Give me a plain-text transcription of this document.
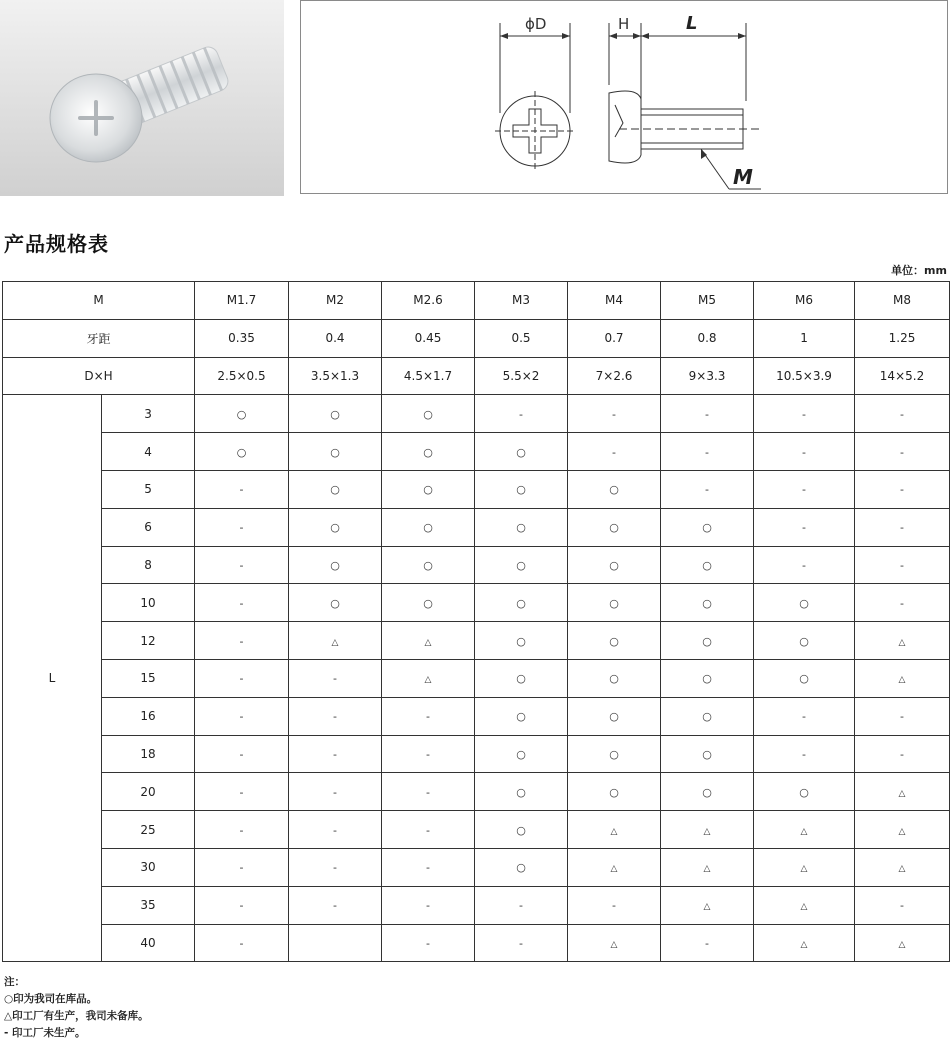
ϕD	H	L
M
产品规格表
单位：mm
M		M1.7	M2	M2.6	M3	M4	M5	M6	M8
牙距		0.35	0.4	0.45	0.5	0.7	0.8	1	1.25
D×H		2.5×0.5	3.5×1.3	4.5×1.7	5.5×2	7×2.6	9×3.3	10.5×3.9	14×5.2
L	3	○	○	○	-	-	-	-	-
	4	○	○	○	○	-	-	-	-
	5	-	○	○	○	○	-	-	-
	6	-	○	○	○	○	○	-	-
	8	-	○	○	○	○	○	-	-
	10	-	○	○	○	○	○	○	-
	12	-	△	△	○	○	○	○	△
	15	-	-	△	○	○	○	○	△
	16	-	-	-	○	○	○	-	-
	18	-	-	-	○	○	○	-	-
	20	-	-	-	○	○	○	○	△
	25	-	-	-	○	△	△	△	△
	30	-	-	-	○	△	△	△	△
	35	-	-	-	-	-	△	△	-
	40	-		-	-	△	-	△	△
注：
○印为我司在库品。
△印工厂有生产，我司未备库。
- 印工厂未生产。
